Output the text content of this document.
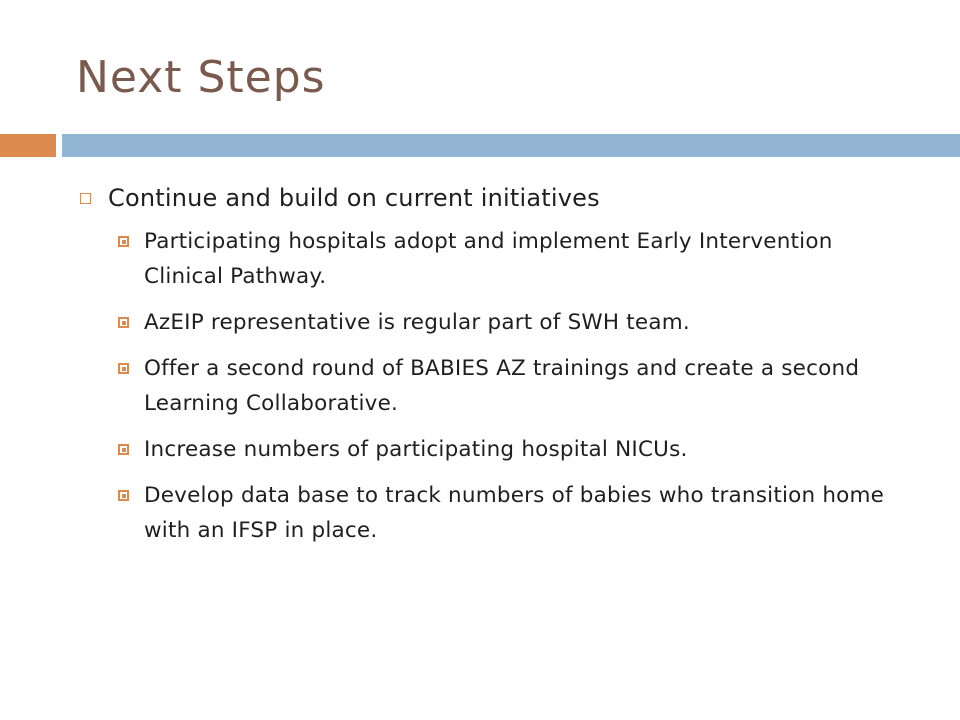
Next Steps
Continue and build on current initiatives
Participating hospitals adopt and implement Early Intervention Clinical Pathway.
AzEIP representative is regular part of SWH team.
Offer a second round of BABIES AZ trainings and create a second Learning Collaborative.
Increase numbers of participating hospital NICUs.
Develop data base to track numbers of babies who transition home with an IFSP in place.
